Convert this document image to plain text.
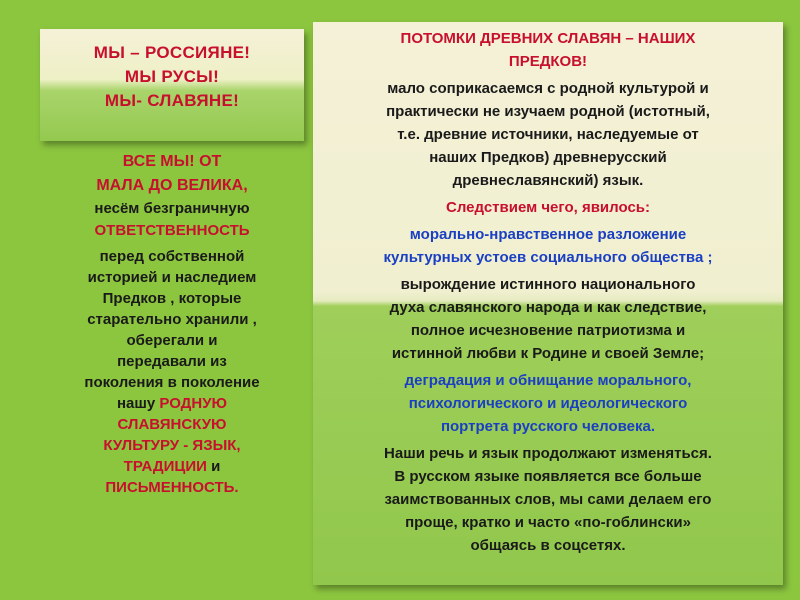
МЫ – РОССИЯНЕ!
МЫ РУСЫ!
МЫ- СЛАВЯНЕ!
ВСЕ МЫ! ОТ
МАЛА ДО ВЕЛИКА,
несём безграничную
ОТВЕТСТВЕННОСТЬ
перед собственной
историей и наследием
Предков , которые
старательно хранили ,
оберегали и
передавали из
поколения в поколение
нашу РОДНУЮ
СЛАВЯНСКУЮ
КУЛЬТУРУ - ЯЗЫК,
ТРАДИЦИИ и
ПИСЬМЕННОСТЬ.

ПОТОМКИ ДРЕВНИХ СЛАВЯН – НАШИХ

ПРЕДКОВ!

мало соприкасаемся с родной культурой и

практически не изучаем родной (истотный,

т.е. древние источники, наследуемые от

наших Предков) древнерусский

древнеславянский) язык.

Следствием чего, явилось:

морально-нравственное разложение

культурных устоев социального общества ;

вырождение истинного национального

духа славянского народа и как следствие,

полное исчезновение патриотизма и

истинной любви к Родине и своей Земле;

деградация и обнищание морального,

психологического и идеологического

портрета русского человека.

Наши речь и язык продолжают изменяться.

В русском языке появляется все больше

заимствованных слов, мы сами делаем его

проще, кратко и часто «по-гоблински»

общаясь в соцсетях.
